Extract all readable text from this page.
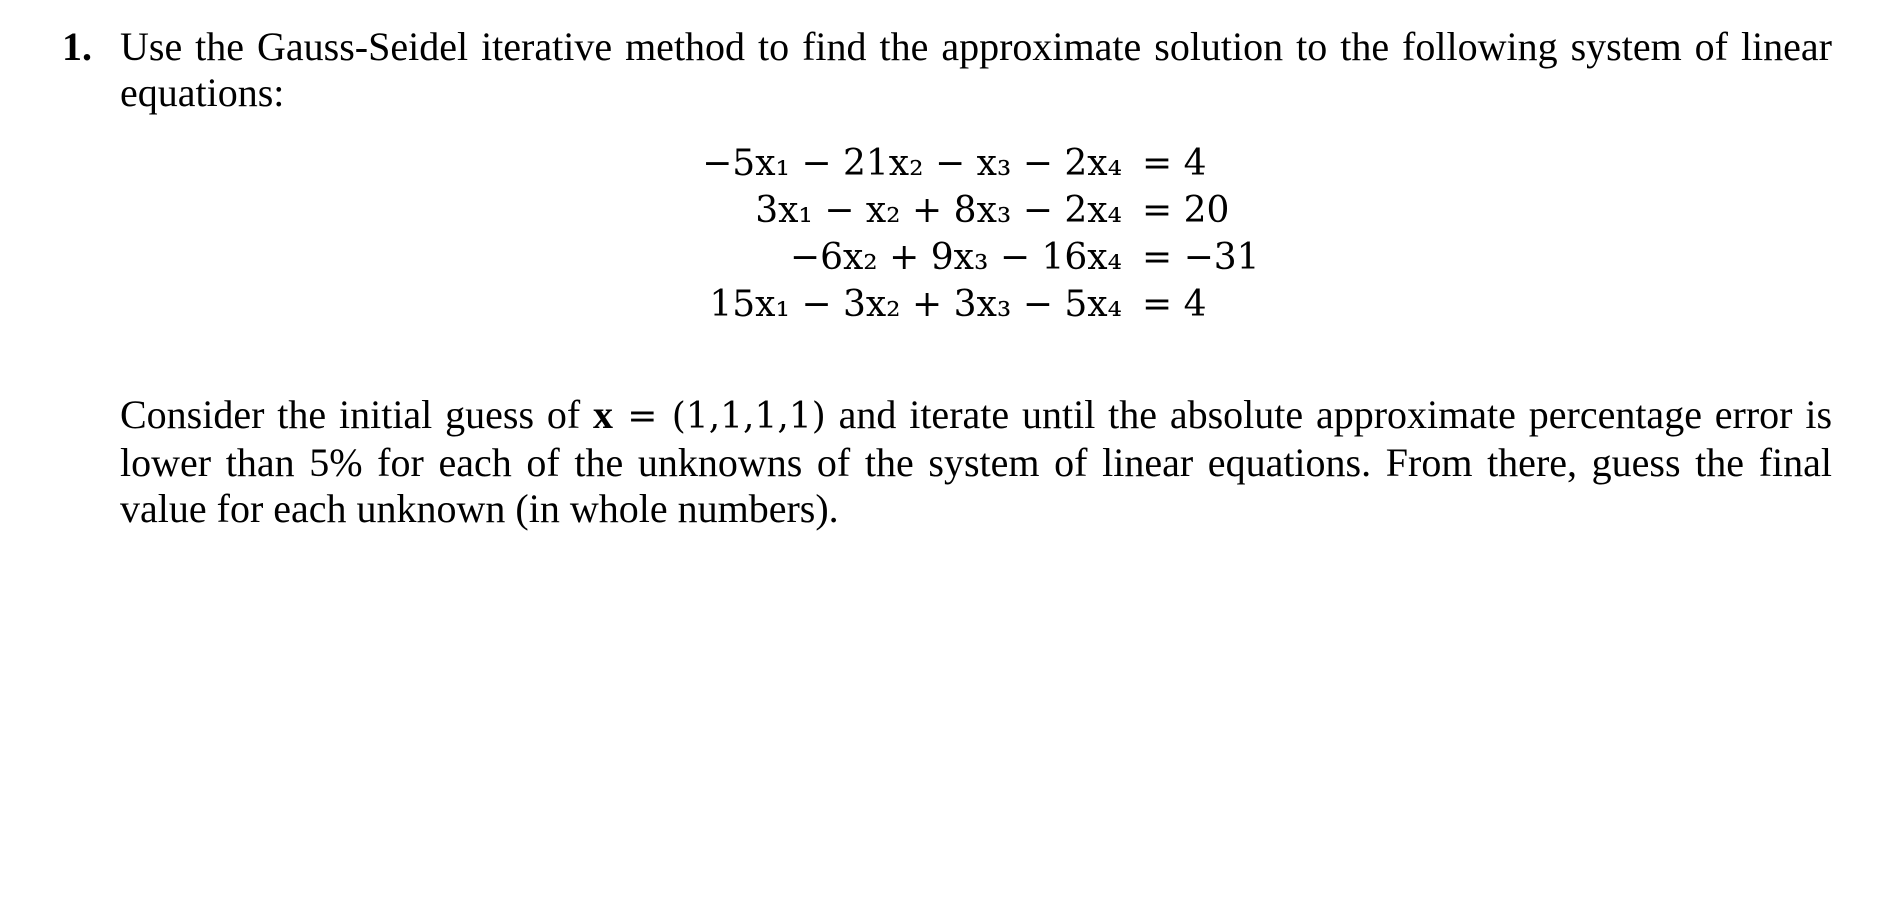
1. Use the Gauss-Seidel iterative method to find the approximate solution to the following system of linear equations:
−5x₁ − 21x₂ − x₃ − 2x₄
3x₁ − x₂ + 8x₃ − 2x₄
−6x₂ + 9x₃ − 16x₄
15x₁ − 3x₂ + 3x₃ − 5x₄
= 4
= 20
= −31
= 4
Consider the initial guess of x = (1,1,1,1) and iterate until the absolute approximate percentage error is lower than 5% for each of the unknowns of the system of linear equations. From there, guess the final value for each unknown (in whole numbers).
